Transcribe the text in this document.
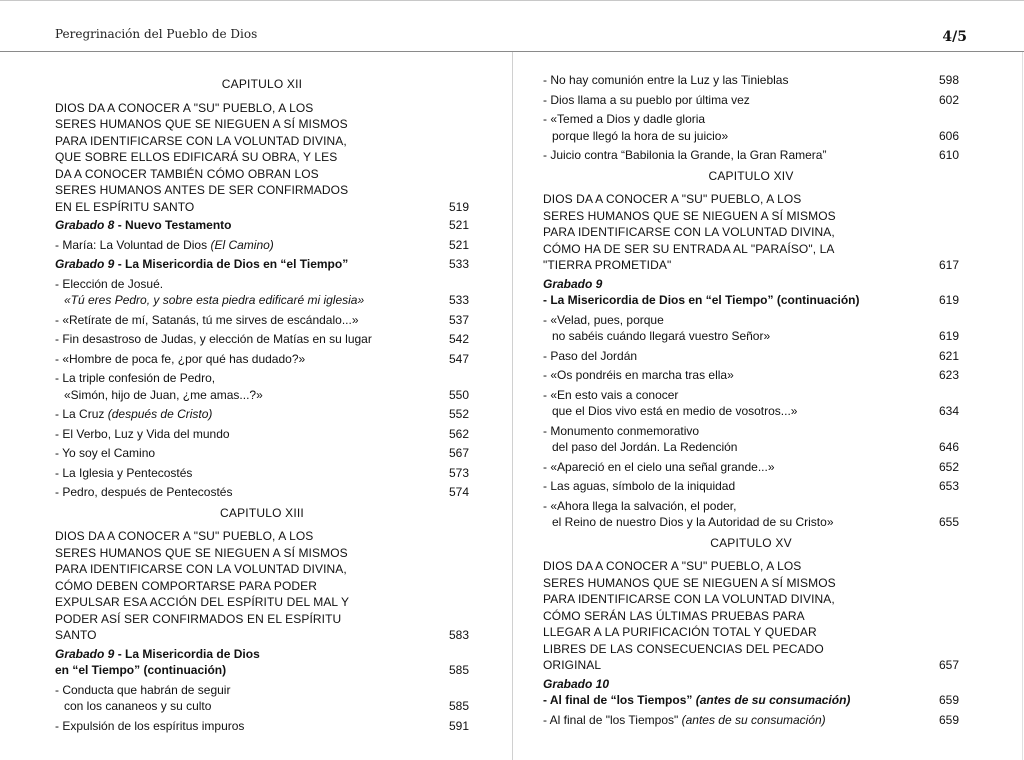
Peregrinación del Pueblo de Dios	4/5
CAPITULO XII
DIOS DA A CONOCER A "SU" PUEBLO, A LOS SERES HUMANOS QUE SE NIEGUEN A SÍ MISMOS PARA IDENTIFICARSE CON LA VOLUNTAD DIVINA, QUE SOBRE ELLOS EDIFICARÁ SU OBRA, Y LES DA A CONOCER TAMBIÉN CÓMO OBRAN LOS SERES HUMANOS ANTES DE SER CONFIRMADOS EN EL ESPÍRITU SANTO	519
Grabado 8 - Nuevo Testamento	521
- María: La Voluntad de Dios (El Camino)	521
Grabado 9 - La Misericordia de Dios en “el Tiempo”	533
- Elección de Josué.
«Tú eres Pedro, y sobre esta piedra edificaré mi iglesia»	533
- «Retírate de mí, Satanás, tú me sirves de escándalo...»	537
- Fin desastroso de Judas, y elección de Matías en su lugar	542
- «Hombre de poca fe, ¿por qué has dudado?»	547
- La triple confesión de Pedro,
«Simón, hijo de Juan, ¿me amas...?»	550
- La Cruz (después de Cristo)	552
- El Verbo, Luz y Vida del mundo	562
- Yo soy el Camino	567
- La Iglesia y Pentecostés	573
- Pedro, después de Pentecostés	574
CAPITULO XIII
DIOS DA A CONOCER A "SU" PUEBLO, A LOS SERES HUMANOS QUE SE NIEGUEN A SÍ MISMOS PARA IDENTIFICARSE CON LA VOLUNTAD DIVINA, CÓMO DEBEN COMPORTARSE PARA PODER EXPULSAR ESA ACCIÓN DEL ESPÍRITU DEL MAL Y PODER ASÍ SER CONFIRMADOS EN EL ESPÍRITU SANTO	583
Grabado 9 - La Misericordia de Dios
en “el Tiempo” (continuación)	585
- Conducta que habrán de seguir
con los cananeos y su culto	585
- Expulsión de los espíritus impuros	591
- No hay comunión entre la Luz y las Tinieblas	598
- Dios llama a su pueblo por última vez	602
- «Temed a Dios y dadle gloria
porque llegó la hora de su juicio»	606
- Juicio contra “Babilonia la Grande, la Gran Ramera”	610
CAPITULO XIV
DIOS DA A CONOCER A "SU" PUEBLO, A LOS SERES HUMANOS QUE SE NIEGUEN A SÍ MISMOS PARA IDENTIFICARSE CON LA VOLUNTAD DIVINA, CÓMO HA DE SER SU ENTRADA AL "PARAÍSO", LA "TIERRA PROMETIDA"	617
Grabado 9
- La Misericordia de Dios en “el Tiempo” (continuación)	619
- «Velad, pues, porque
no sabéis cuándo llegará vuestro Señor»	619
- Paso del Jordán	621
- «Os pondréis en marcha tras ella»	623
- «En esto vais a conocer
que el Dios vivo está en medio de vosotros...»	634
- Monumento conmemorativo
del paso del Jordán. La Redención	646
- «Apareció en el cielo una señal grande...»	652
- Las aguas, símbolo de la iniquidad	653
- «Ahora llega la salvación, el poder,
el Reino de nuestro Dios y la Autoridad de su Cristo»	655
CAPITULO XV
DIOS DA A CONOCER A "SU" PUEBLO, A LOS SERES HUMANOS QUE SE NIEGUEN A SÍ MISMOS PARA IDENTIFICARSE CON LA VOLUNTAD DIVINA, CÓMO SERÁN LAS ÚLTIMAS PRUEBAS PARA LLEGAR A LA PURIFICACIÓN TOTAL Y QUEDAR LIBRES DE LAS CONSECUENCIAS DEL PECADO ORIGINAL	657
Grabado 10
- Al final de “los Tiempos” (antes de su consumación)	659
- Al final de "los Tiempos" (antes de su consumación)	659
